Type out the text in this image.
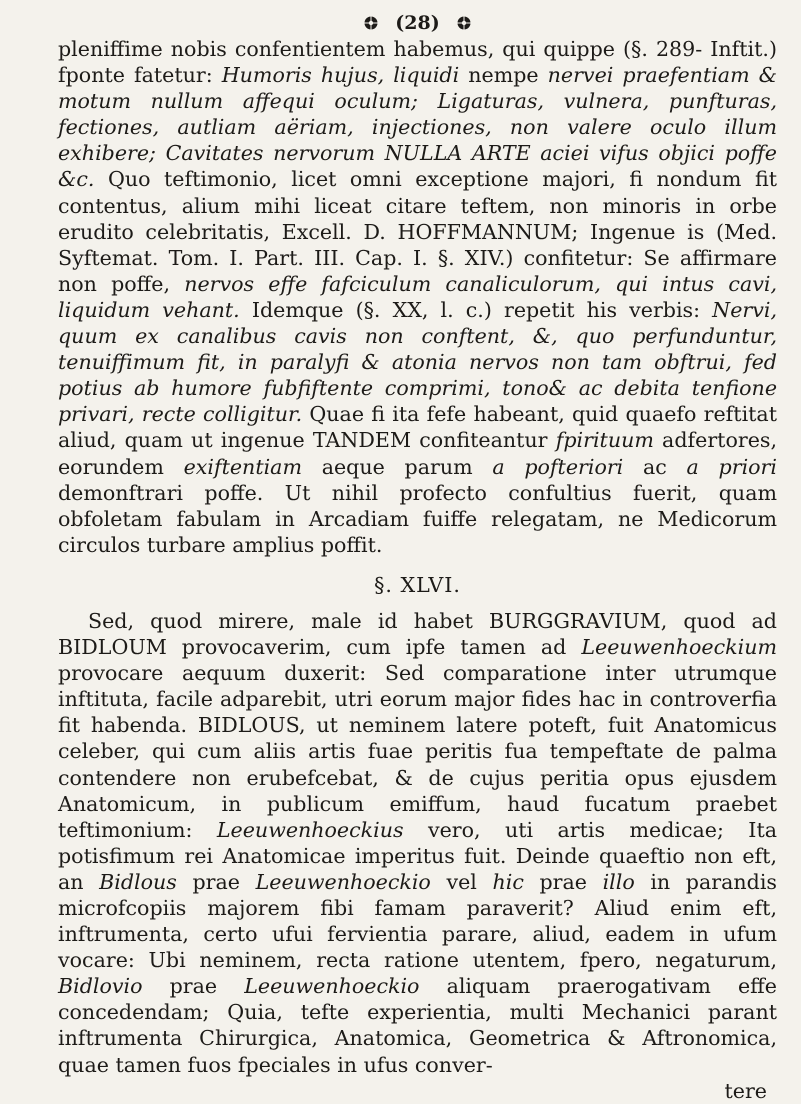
(28)

pleniffime nobis confentientem habemus, qui quippe (§. 289- Inftit.) fponte fatetur: Humoris hujus, liquidi nempe nervei praefentiam & motum nullum affequi oculum; Ligaturas, vulnera, punfturas, fectiones, autliam aëriam, injectiones, non valere oculo illum exhibere; Cavitates nervorum NULLA ARTE aciei vifus objici poffe &c. Quo teftimonio, licet omni exceptione majori, fi nondum fit contentus, alium mihi liceat citare teftem, non minoris in orbe erudito celebritatis, Excell. D. HOFFMANNUM; Ingenue is (Med. Syftemat. Tom. I. Part. III. Cap. I. §. XIV.) confitetur: Se affirmare non poffe, nervos effe fafciculum canaliculorum, qui intus cavi, liquidum vehant. Idemque (§. XX, l. c.) repetit his verbis: Nervi, quum ex canalibus cavis non conftent, &, quo perfunduntur, tenuiffimum fit, in paralyfi & atonia nervos non tam obftrui, fed potius ab humore fubfiftente comprimi, tono& ac debita tenfione privari, recte colligitur. Quae fi ita fefe habeant, quid quaefo reftitat aliud, quam ut ingenue TANDEM confiteantur fpirituum adfertores, eorundem exiftentiam aeque parum a pofteriori ac a priori demonftrari poffe. Ut nihil profecto confultius fuerit, quam obfoletam fabulam in Arcadiam fuiffe relegatam, ne Medicorum circulos turbare amplius poffit.

§. XLVI.

Sed, quod mirere, male id habet BURGGRAVIUM, quod ad BIDLOUM provocaverim, cum ipfe tamen ad Leeuwenhoeckium provocare aequum duxerit: Sed comparatione inter utrumque inftituta, facile adparebit, utri eorum major fides hac in controverfia fit habenda. BIDLOUS, ut neminem latere poteft, fuit Anatomicus celeber, qui cum aliis artis fuae peritis fua tempeftate de palma contendere non erubefcebat, & de cujus peritia opus ejusdem Anatomicum, in publicum emiffum, haud fucatum praebet teftimonium: Leeuwenhoeckius vero, uti artis medicae; Ita potisfimum rei Anatomicae imperitus fuit. Deinde quaeftio non eft, an Bidlous prae Leeuwenhoeckio vel hic prae illo in parandis microfcopiis majorem fibi famam paraverit? Aliud enim eft, inftrumenta, certo ufui fervientia parare, aliud, eadem in ufum vocare: Ubi neminem, recta ratione utentem, fpero, negaturum, Bidlovio prae Leeuwenhoeckio aliquam praerogativam effe concedendam; Quia, tefte experientia, multi Mechanici parant inftrumenta Chirurgica, Anatomica, Geometrica & Aftronomica, quae tamen fuos fpeciales in ufus conver-

tere
